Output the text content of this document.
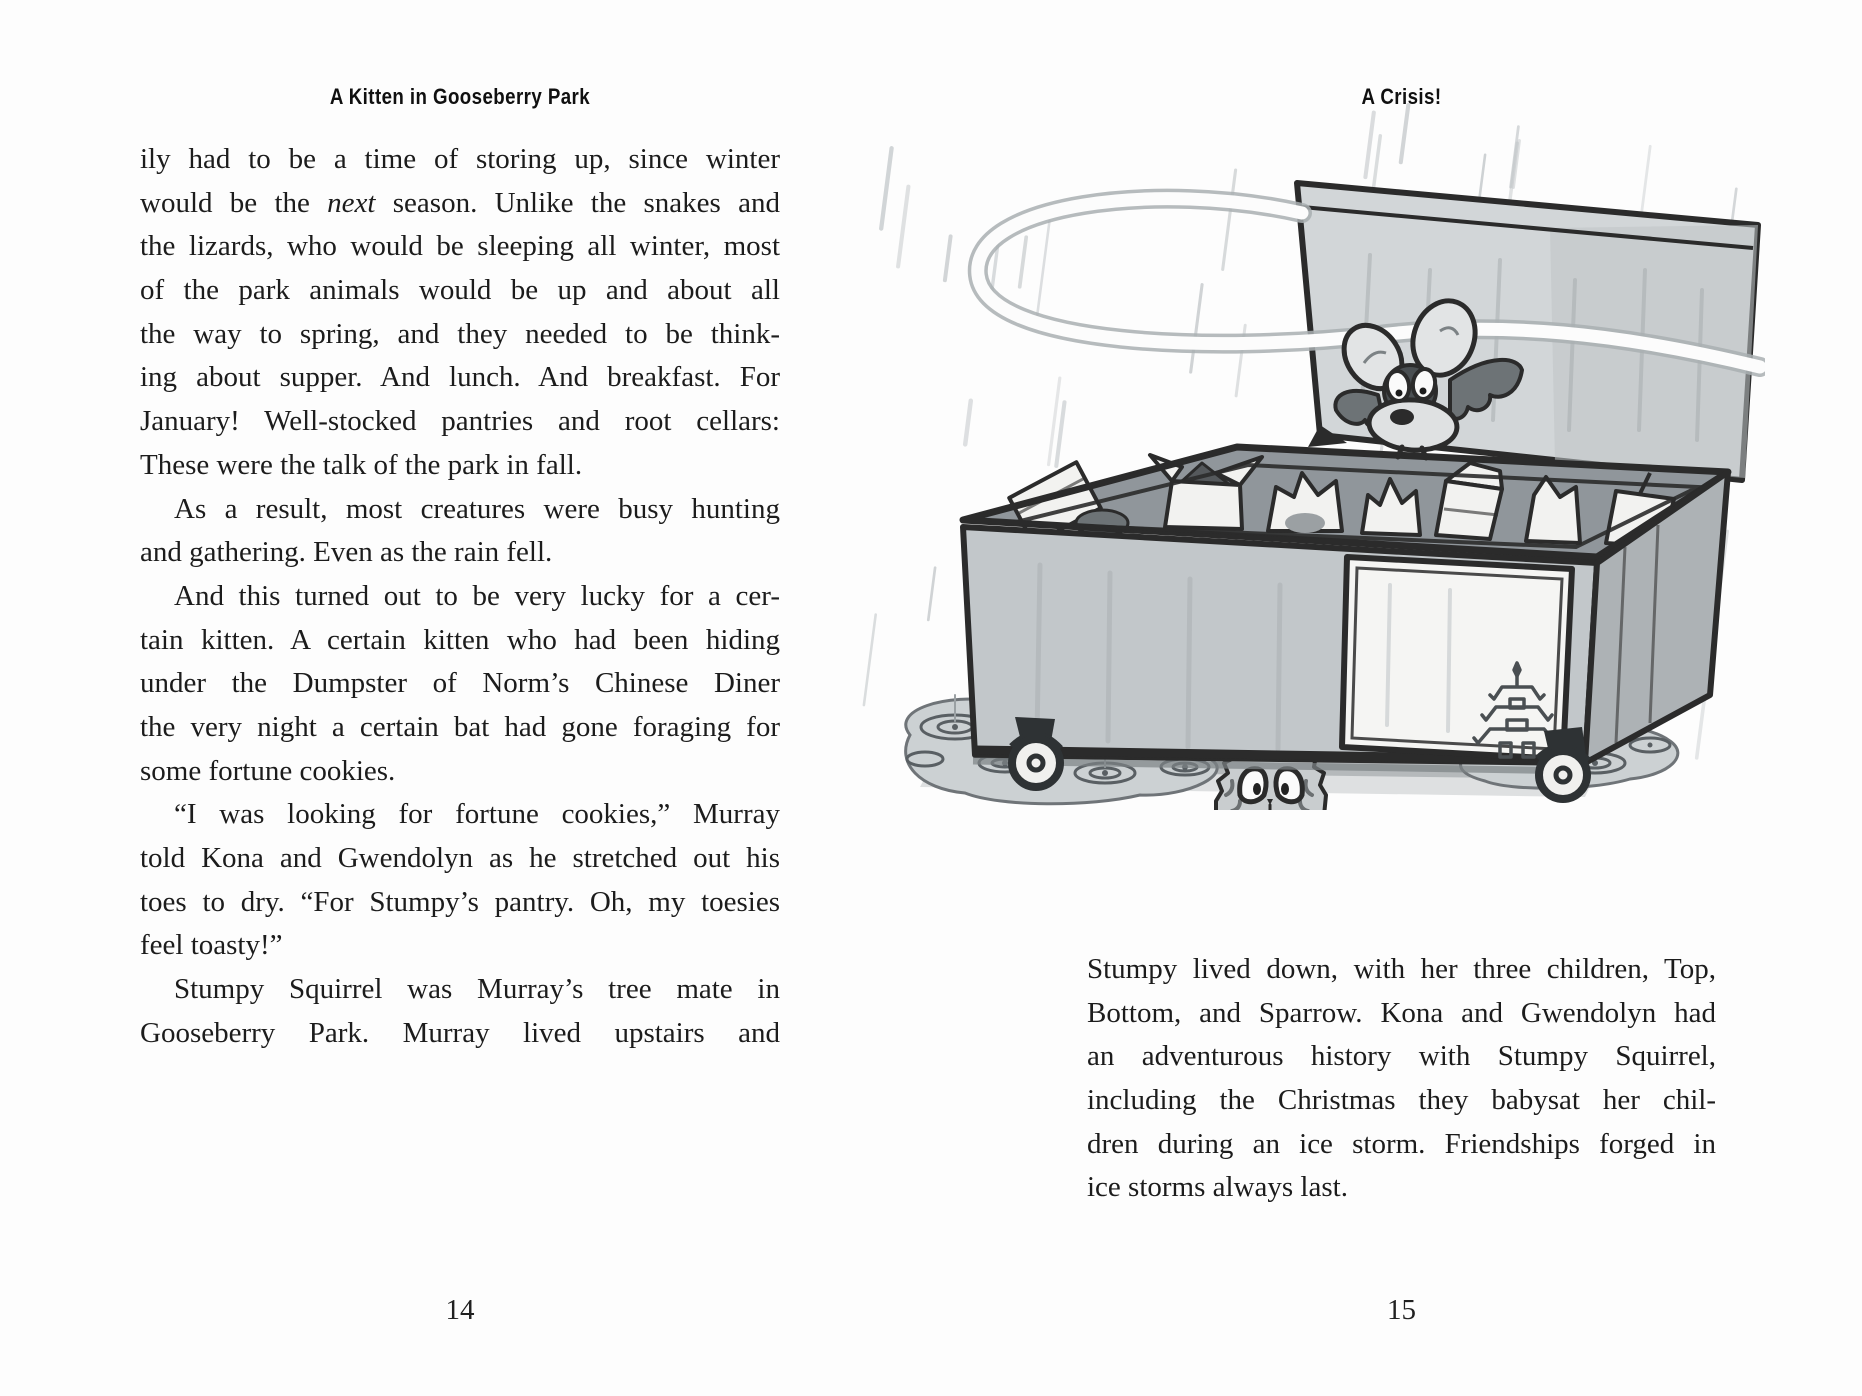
A Kitten in Gooseberry Park
ily had to be a time of storing up, since winter
would be the next season. Unlike the snakes and
the lizards, who would be sleeping all winter, most
of the park animals would be up and about all
the way to spring, and they needed to be think-
ing about supper. And lunch. And breakfast. For
January! Well-stocked pantries and root cellars:
These were the talk of the park in fall.
As a result, most creatures were busy hunting
and gathering. Even as the rain fell.
And this turned out to be very lucky for a cer-
tain kitten. A certain kitten who had been hiding
under the Dumpster of Norm’s Chinese Diner
the very night a certain bat had gone foraging for
some fortune cookies.
“I was looking for fortune cookies,” Murray
told Kona and Gwendolyn as he stretched out his
toes to dry. “For Stumpy’s pantry. Oh, my toesies
feel toasty!”
Stumpy Squirrel was Murray’s tree mate in
Gooseberry Park. Murray lived upstairs and
14
A Crisis!
Stumpy lived down, with her three children, Top,
Bottom, and Sparrow. Kona and Gwendolyn had
an adventurous history with Stumpy Squirrel,
including the Christmas they babysat her chil-
dren during an ice storm. Friendships forged in
ice storms always last.
15
